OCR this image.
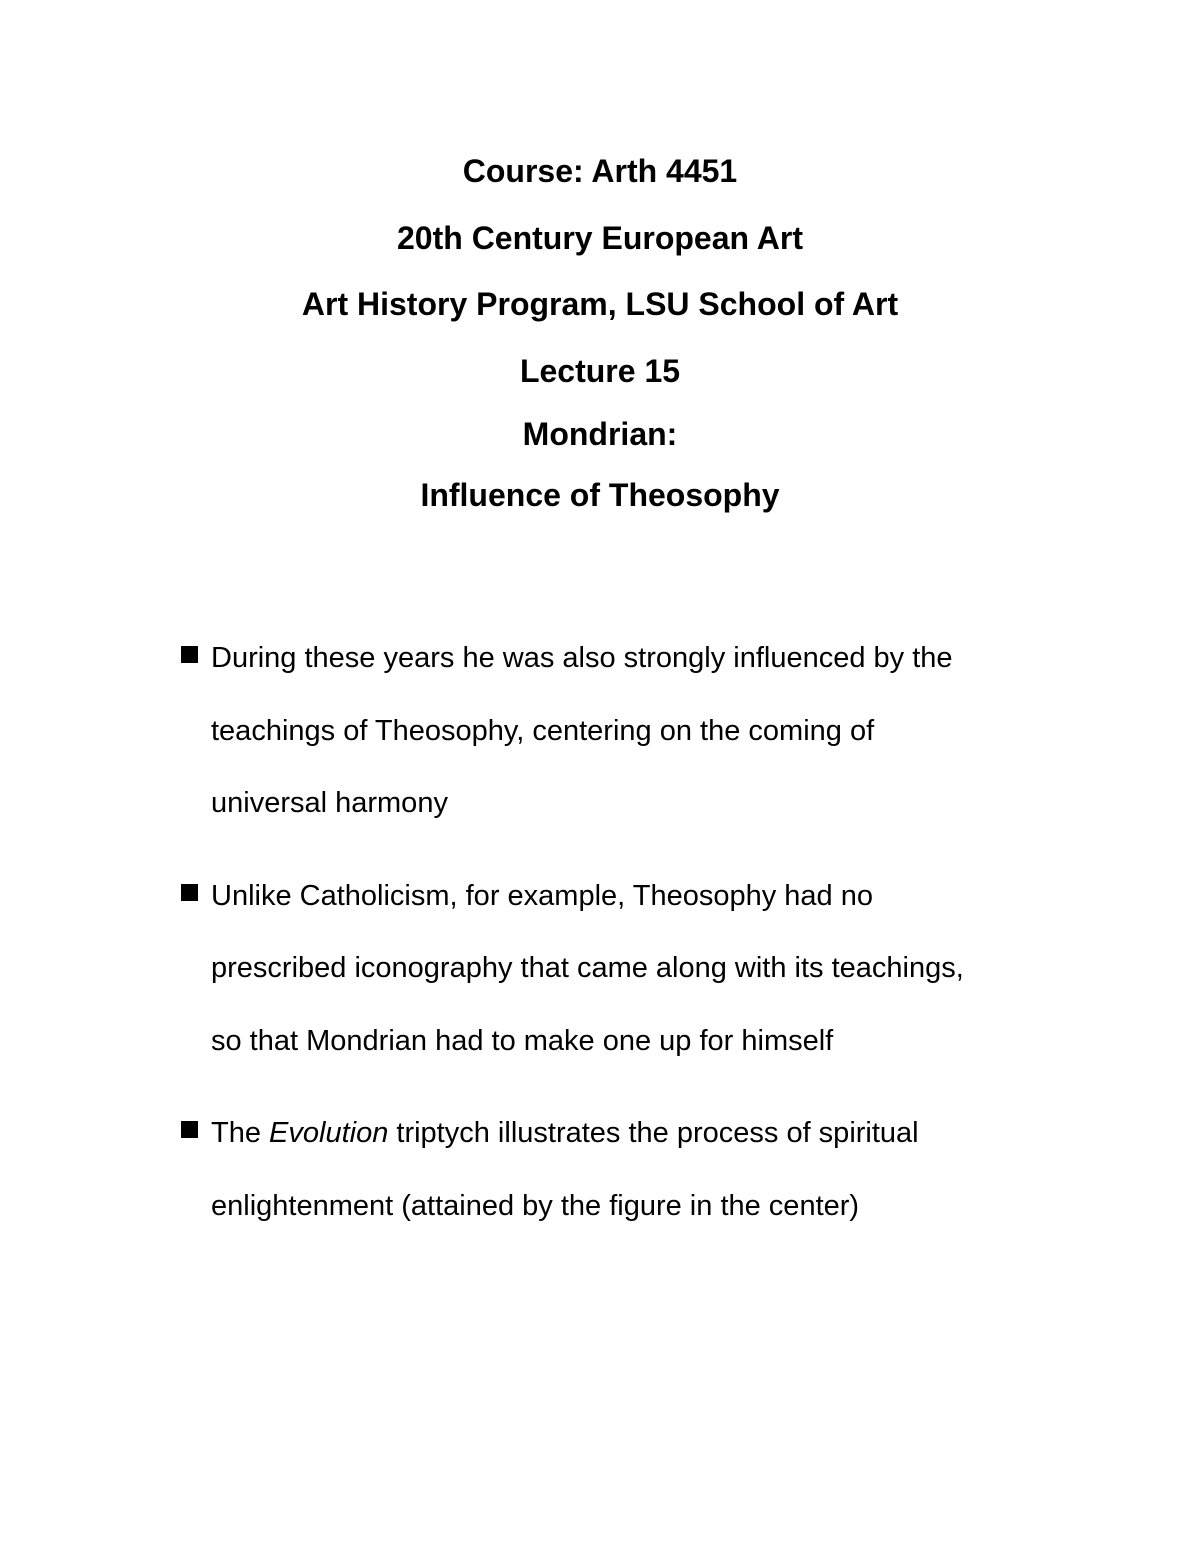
Course: Arth 4451
20th Century European Art
Art History Program, LSU School of Art
Lecture 15
Mondrian:
Influence of Theosophy
During these years he was also strongly influenced by the
teachings of Theosophy, centering on the coming of
universal harmony
Unlike Catholicism, for example, Theosophy had no
prescribed iconography that came along with its teachings,
so that Mondrian had to make one up for himself
The Evolution triptych illustrates the process of spiritual
enlightenment (attained by the figure in the center)
